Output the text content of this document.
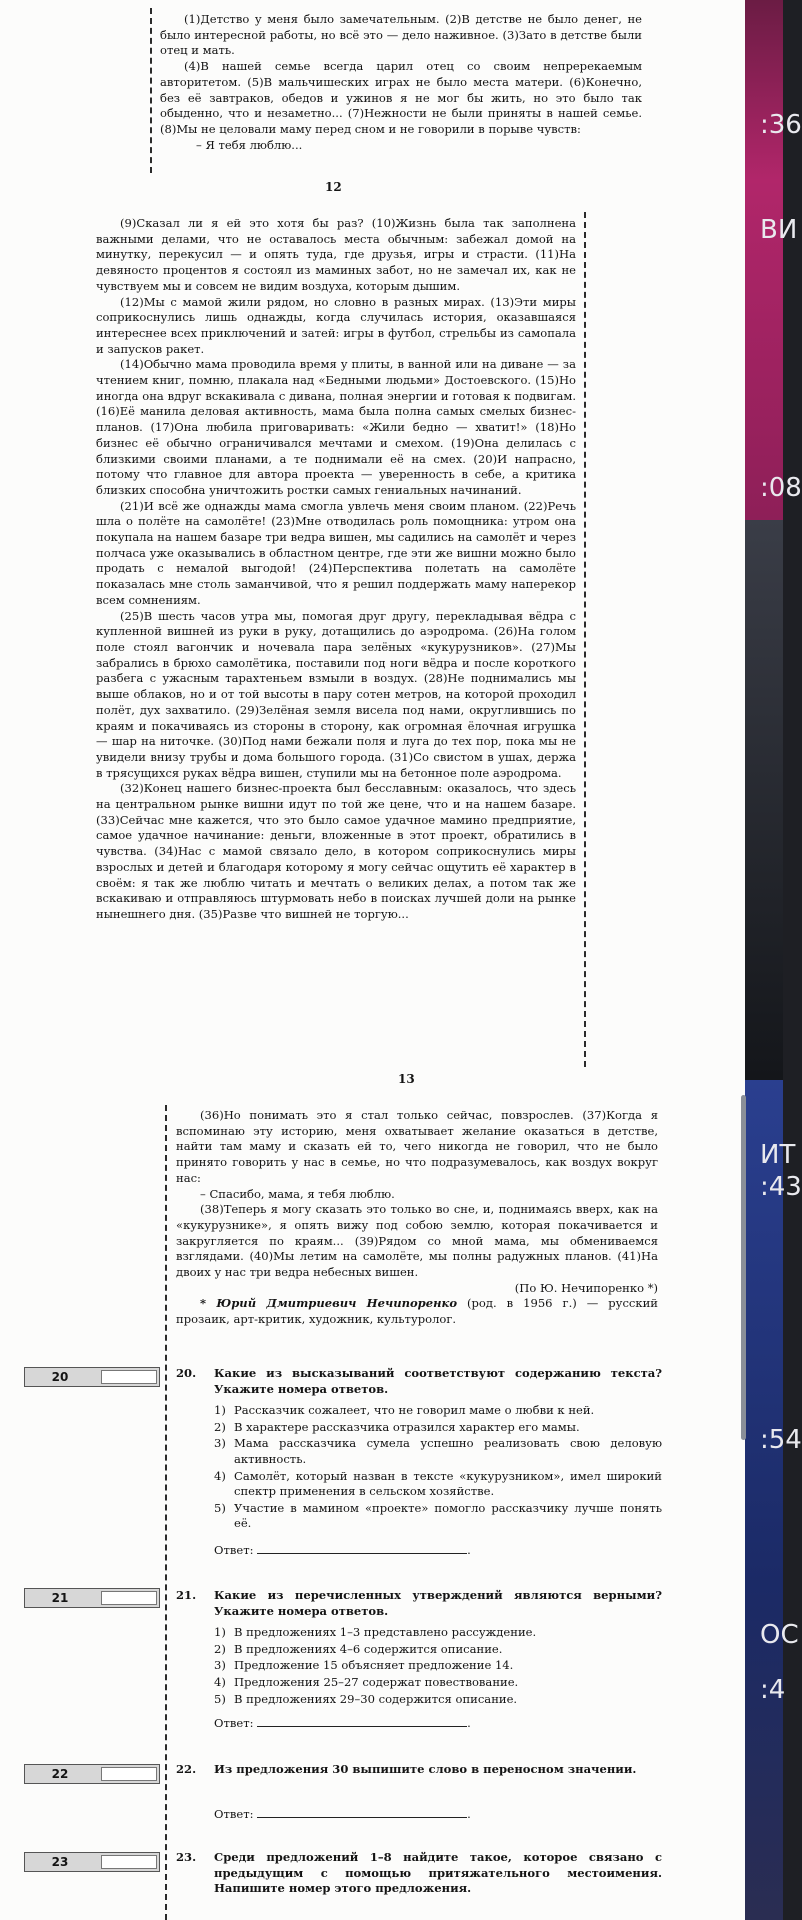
:36
ВИ
:08
ИТ
:43
:54
ОС
:4

(1)Детство у меня было замечательным. (2)В детстве не было денег, не было интересной работы, но всё это — дело наживное. (3)Зато в детстве были отец и мать.

(4)В нашей семье всегда царил отец со своим непререкаемым авторитетом. (5)В мальчишеских играх не было места матери. (6)Конечно, без её завтраков, обедов и ужинов я не мог бы жить, но это было так обыденно, что и незаметно... (7)Нежности не были приняты в нашей семье. (8)Мы не целовали маму перед сном и не говорили в порыве чувств:

– Я тебя люблю...

12

(9)Сказал ли я ей это хотя бы раз? (10)Жизнь была так заполнена важными делами, что не оставалось места обычным: забежал домой на минутку, перекусил — и опять туда, где друзья, игры и страсти. (11)На девяносто процентов я состоял из маминых забот, но не замечал их, как не чувствуем мы и совсем не видим воздуха, которым дышим.

(12)Мы с мамой жили рядом, но словно в разных мирах. (13)Эти миры соприкоснулись лишь однажды, когда случилась история, оказавшаяся интереснее всех приключений и затей: игры в футбол, стрельбы из самопала и запусков ракет.

(14)Обычно мама проводила время у плиты, в ванной или на диване — за чтением книг, помню, плакала над «Бедными людьми» Достоевского. (15)Но иногда она вдруг вскакивала с дивана, полная энергии и готовая к подвигам. (16)Её манила деловая активность, мама была полна самых смелых бизнес-планов. (17)Она любила приговаривать: «Жили бедно — хватит!» (18)Но бизнес её обычно ограничивался мечтами и смехом. (19)Она делилась с близкими своими планами, а те поднимали её на смех. (20)И напрасно, потому что главное для автора проекта — уверенность в себе, а критика близких способна уничтожить ростки самых гениальных начинаний.

(21)И всё же однажды мама смогла увлечь меня своим планом. (22)Речь шла о полёте на самолёте! (23)Мне отводилась роль помощника: утром она покупала на нашем базаре три ведра вишен, мы садились на самолёт и через полчаса уже оказывались в областном центре, где эти же вишни можно было продать с немалой выгодой! (24)Перспектива полетать на самолёте показалась мне столь заманчивой, что я решил поддержать маму наперекор всем сомнениям.

(25)В шесть часов утра мы, помогая друг другу, перекладывая вёдра с купленной вишней из руки в руку, дотащились до аэродрома. (26)На голом поле стоял вагончик и ночевала пара зелёных «кукурузников». (27)Мы забрались в брюхо самолётика, поставили под ноги вёдра и после короткого разбега с ужасным тарахтеньем взмыли в воздух. (28)Не поднимались мы выше облаков, но и от той высоты в пару сотен метров, на которой проходил полёт, дух захватило. (29)Зелёная земля висела под нами, округлившись по краям и покачиваясь из стороны в сторону, как огромная ёлочная игрушка — шар на ниточке. (30)Под нами бежали поля и луга до тех пор, пока мы не увидели внизу трубы и дома большого города. (31)Со свистом в ушах, держа в трясущихся руках вёдра вишен, ступили мы на бетонное поле аэродрома.

(32)Конец нашего бизнес-проекта был бесславным: оказалось, что здесь на центральном рынке вишни идут по той же цене, что и на нашем базаре. (33)Сейчас мне кажется, что это было самое удачное мамино предприятие, самое удачное начинание: деньги, вложенные в этот проект, обратились в чувства. (34)Нас с мамой связало дело, в котором соприкоснулись миры взрослых и детей и благодаря которому я могу сейчас ощутить её характер в своём: я так же люблю читать и мечтать о великих делах, а потом так же вскакиваю и отправляюсь штурмовать небо в поисках лучшей доли на рынке нынешнего дня. (35)Разве что вишней не торгую...

13

(36)Но понимать это я стал только сейчас, повзрослев. (37)Когда я вспоминаю эту историю, меня охватывает желание оказаться в детстве, найти там маму и сказать ей то, чего никогда не говорил, что не было принято говорить у нас в семье, но что подразумевалось, как воздух вокруг нас:

– Спасибо, мама, я тебя люблю.

(38)Теперь я могу сказать это только во сне, и, поднимаясь вверх, как на «кукурузнике», я опять вижу под собою землю, которая покачивается и закругляется по краям... (39)Рядом со мной мама, мы обмениваемся взглядами. (40)Мы летим на самолёте, мы полны радужных планов. (41)На двоих у нас три ведра небесных вишен.

(По Ю. Нечипоренко *)

* Юрий Дмитриевич Нечипоренко (род. в 1956 г.) — русский прозаик, арт-критик, художник, культуролог.

20	20. Какие из высказываний соответствуют содержанию текста? Укажите номера ответов.
1) Рассказчик сожалеет, что не говорил маме о любви к ней.
2) В характере рассказчика отразился характер его мамы.
3) Мама рассказчика сумела успешно реализовать свою деловую активность.
4) Самолёт, который назван в тексте «кукурузником», имел широкий спектр применения в сельском хозяйстве.
5) Участие в мамином «проекте» помогло рассказчику лучше понять её.
Ответ:	.
21	21. Какие из перечисленных утверждений являются верными? Укажите номера ответов.
1) В предложениях 1–3 представлено рассуждение.
2) В предложениях 4–6 содержится описание.
3) Предложение 15 объясняет предложение 14.
4) Предложения 25–27 содержат повествование.
5) В предложениях 29–30 содержится описание.
Ответ:	.
22	22. Из предложения 30 выпишите слово в переносном значении.
Ответ:	.
23	23. Среди предложений 1–8 найдите такое, которое связано с предыдущим с помощью притяжательного местоимения. Напишите номер этого предложения.
